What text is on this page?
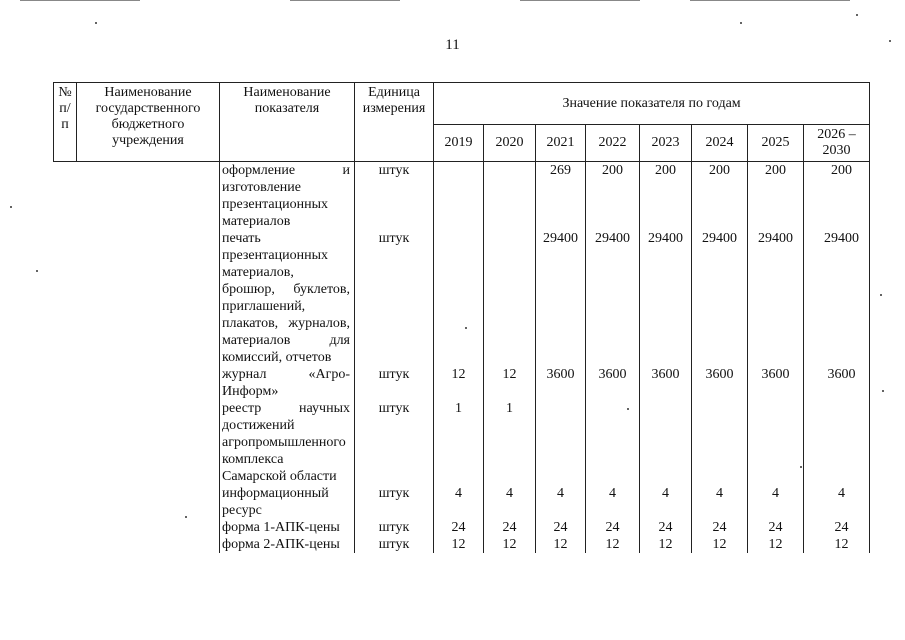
11
№ п/п	Наименование государственного бюджетного учреждения	Наименование показателя	Единица измерения	Значение показателя по годам							
				2019	2020	2021	2022	2023	2024	2025	2026 – 2030
		оформление и изготовление презентационных материалов	штук			269	200	200	200	200	200
		печать презентационных материалов, брошюр, буклетов, приглашений, плакатов, журналов, материалов для комиссий, отчетов	штук			29400	29400	29400	29400	29400	29400
		журнал «Агро-Информ»	штук	12	12	3600	3600	3600	3600	3600	3600
		реестр научных достижений агропромышленного комплекса Самарской области	штук	1	1						
		информационный ресурс	штук	4	4	4	4	4	4	4	4
		форма 1-АПК-цены	штук	24	24	24	24	24	24	24	24
		форма 2-АПК-цены	штук	12	12	12	12	12	12	12	12
